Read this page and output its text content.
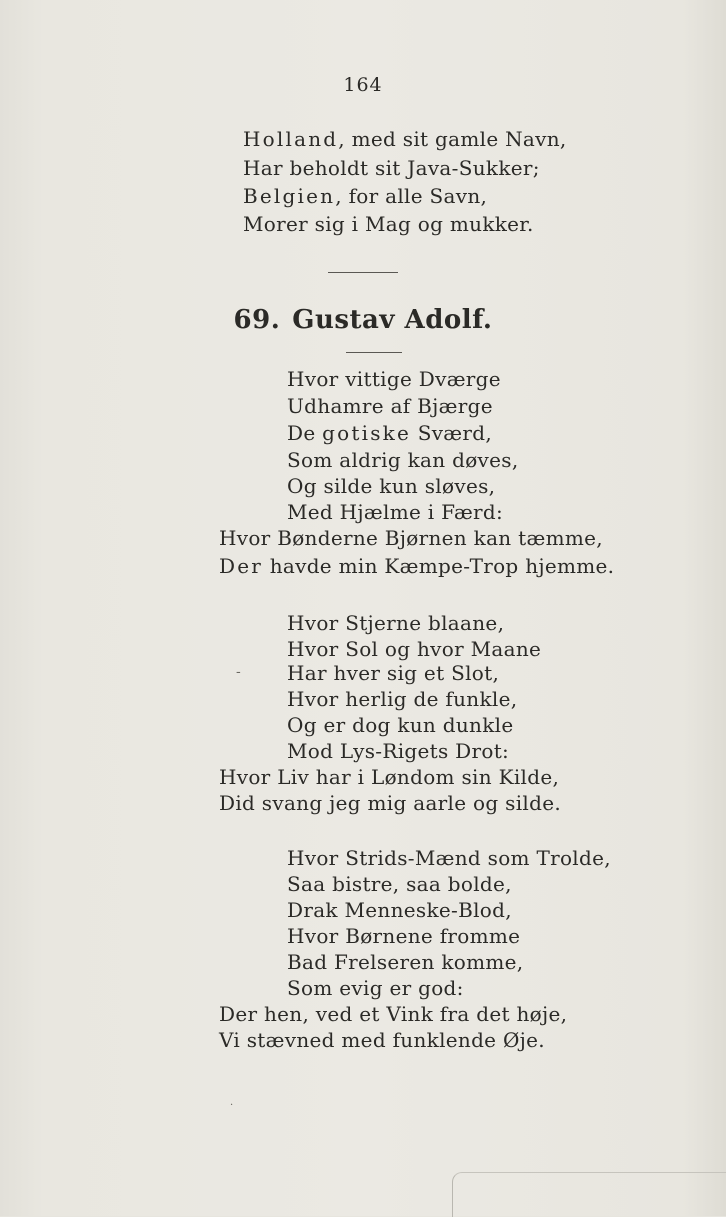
164
Holland, med sit gamle Navn,
Har beholdt sit Java-Sukker;
Belgien, for alle Savn,
Morer sig i Mag og mukker.
69. Gustav Adolf.
Hvor vittige Dværge
Udhamre af Bjærge
De gotiske Sværd,
Som aldrig kan døves,
Og silde kun sløves,
Med Hjælme i Færd:
Hvor Bønderne Bjørnen kan tæmme,
Der havde min Kæmpe-Trop hjemme.
Hvor Stjerne blaane,
Hvor Sol og hvor Maane
- Har hver sig et Slot,
Hvor herlig de funkle,
Og er dog kun dunkle
Mod Lys-Rigets Drot:
Hvor Liv har i Løndom sin Kilde,
Did svang jeg mig aarle og silde.
Hvor Strids-Mænd som Trolde,
Saa bistre, saa bolde,
Drak Menneske-Blod,
Hvor Børnene fromme
Bad Frelseren komme,
Som evig er god:
Der hen, ved et Vink fra det høje,
Vi stævned med funklende Øje.
·
